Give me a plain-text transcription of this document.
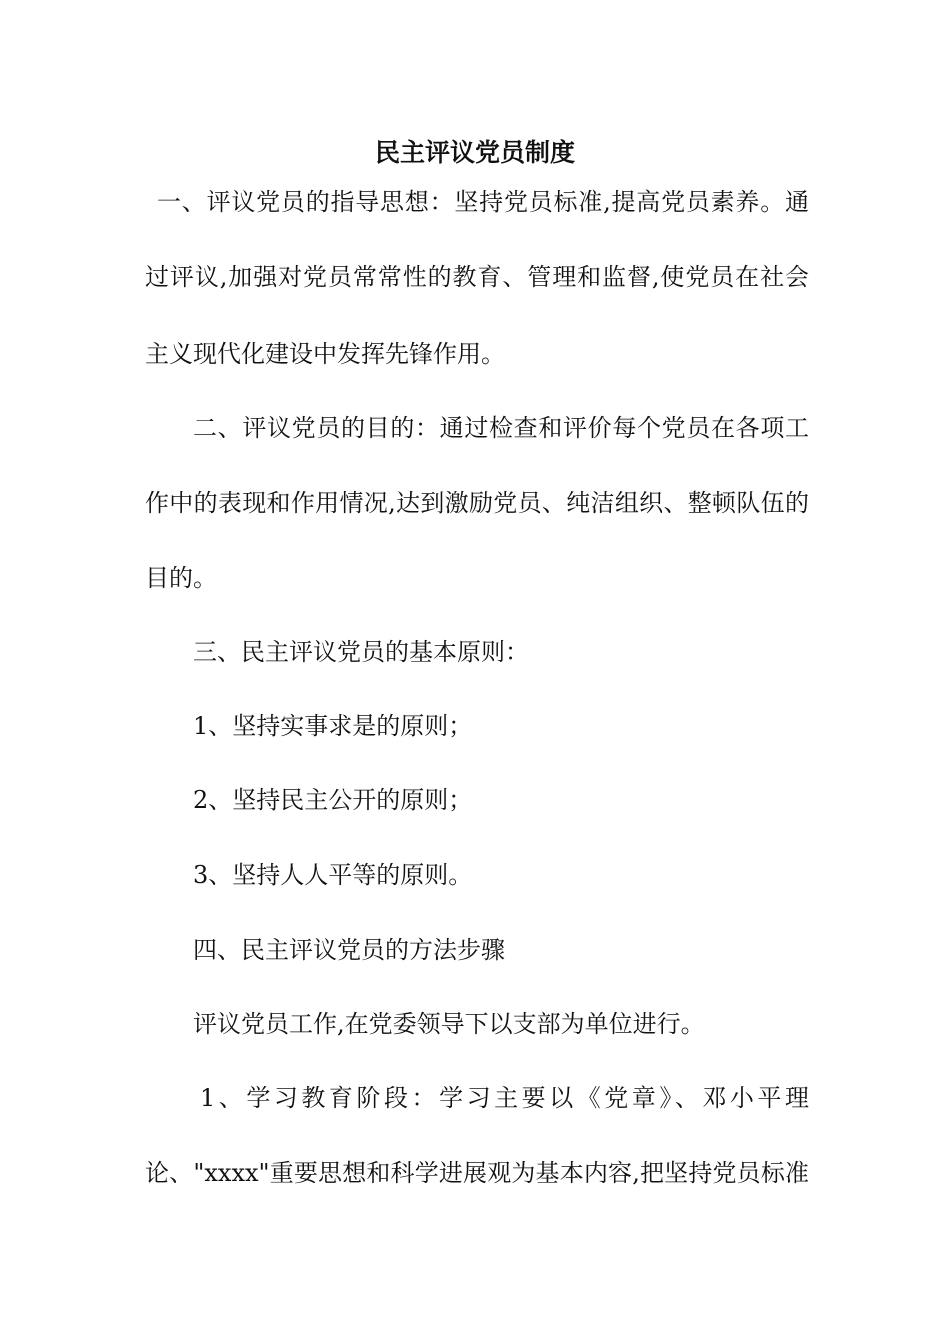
民主评议党员制度

一、评议党员的指导思想：坚持党员标准,提高党员素养。通

过评议,加强对党员常常性的教育、管理和监督,使党员在社会

主义现代化建设中发挥先锋作用。

二、评议党员的目的：通过检查和评价每个党员在各项工

作中的表现和作用情况,达到激励党员、纯洁组织、整顿队伍的

目的。

三、民主评议党员的基本原则：

1、坚持实事求是的原则；

2、坚持民主公开的原则；

3、坚持人人平等的原则。

四、民主评议党员的方法步骤

评议党员工作,在党委领导下以支部为单位进行。

1、学习教育阶段：学习主要以《党章》、邓小平理

论、"xxxx"重要思想和科学进展观为基本内容,把坚持党员标准
